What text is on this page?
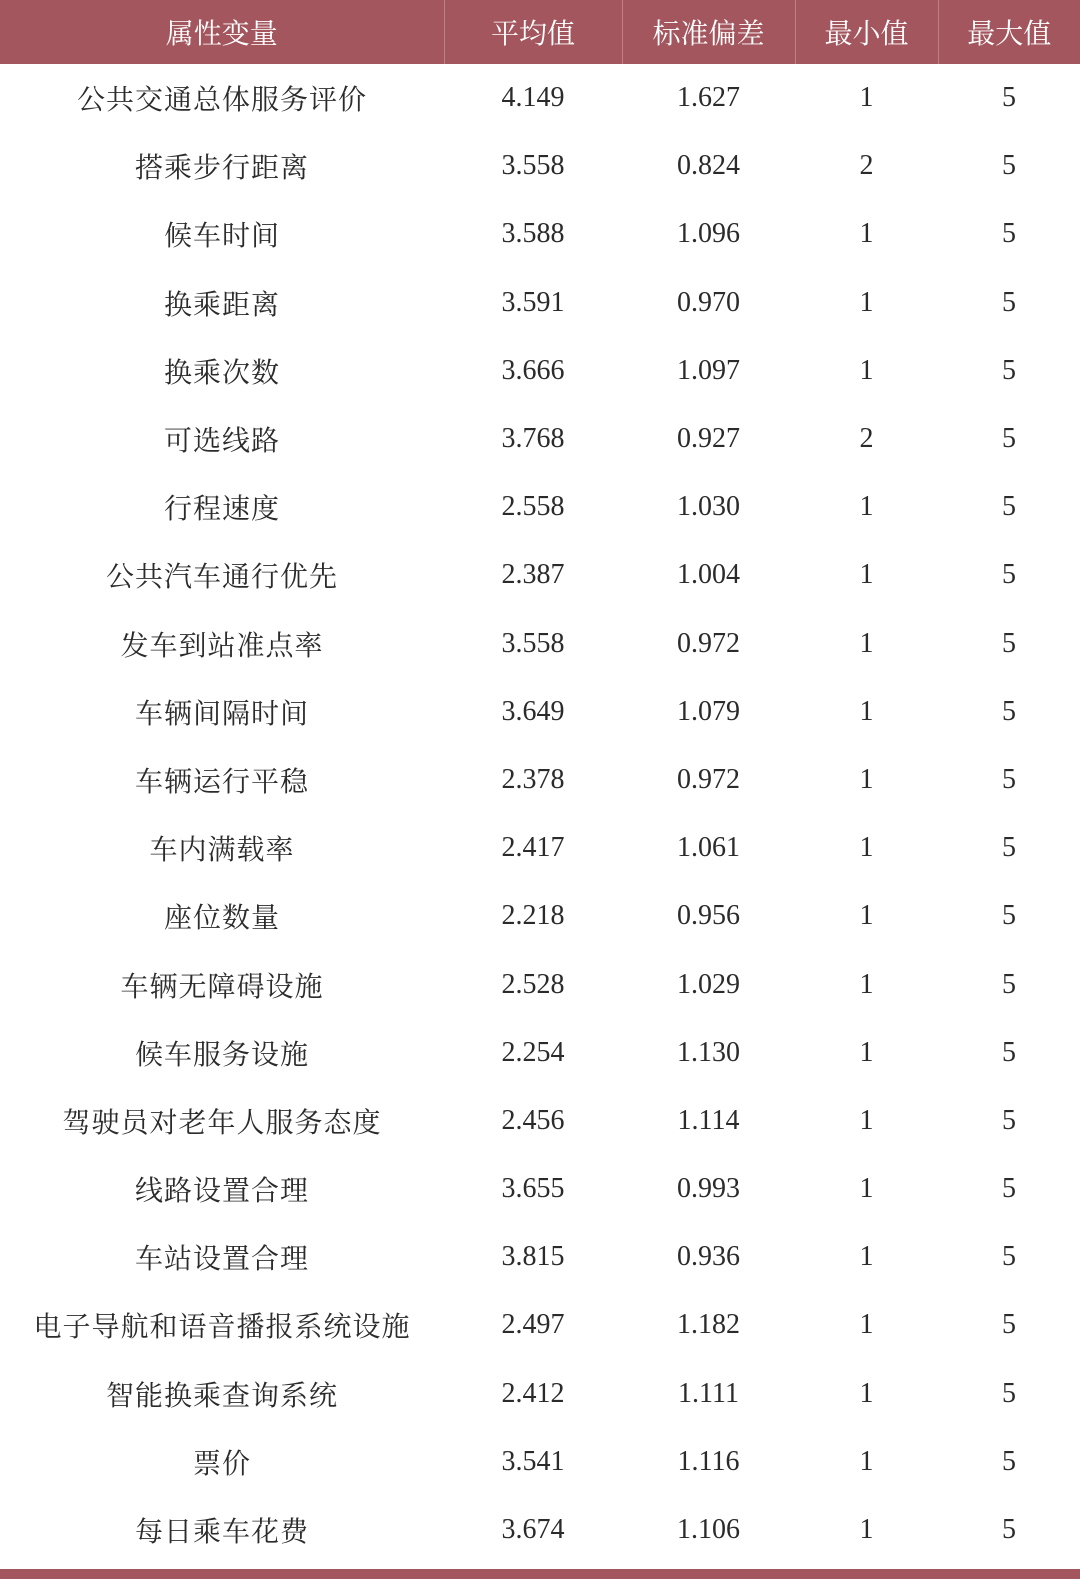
属性变量	平均值	标准偏差	最小值	最大值
公共交通总体服务评价	4.149	1.627	1	5
搭乘步行距离	3.558	0.824	2	5
候车时间	3.588	1.096	1	5
换乘距离	3.591	0.970	1	5
换乘次数	3.666	1.097	1	5
可选线路	3.768	0.927	2	5
行程速度	2.558	1.030	1	5
公共汽车通行优先	2.387	1.004	1	5
发车到站准点率	3.558	0.972	1	5
车辆间隔时间	3.649	1.079	1	5
车辆运行平稳	2.378	0.972	1	5
车内满载率	2.417	1.061	1	5
座位数量	2.218	0.956	1	5
车辆无障碍设施	2.528	1.029	1	5
候车服务设施	2.254	1.130	1	5
驾驶员对老年人服务态度	2.456	1.114	1	5
线路设置合理	3.655	0.993	1	5
车站设置合理	3.815	0.936	1	5
电子导航和语音播报系统设施	2.497	1.182	1	5
智能换乘查询系统	2.412	1.111	1	5
票价	3.541	1.116	1	5
每日乘车花费	3.674	1.106	1	5
